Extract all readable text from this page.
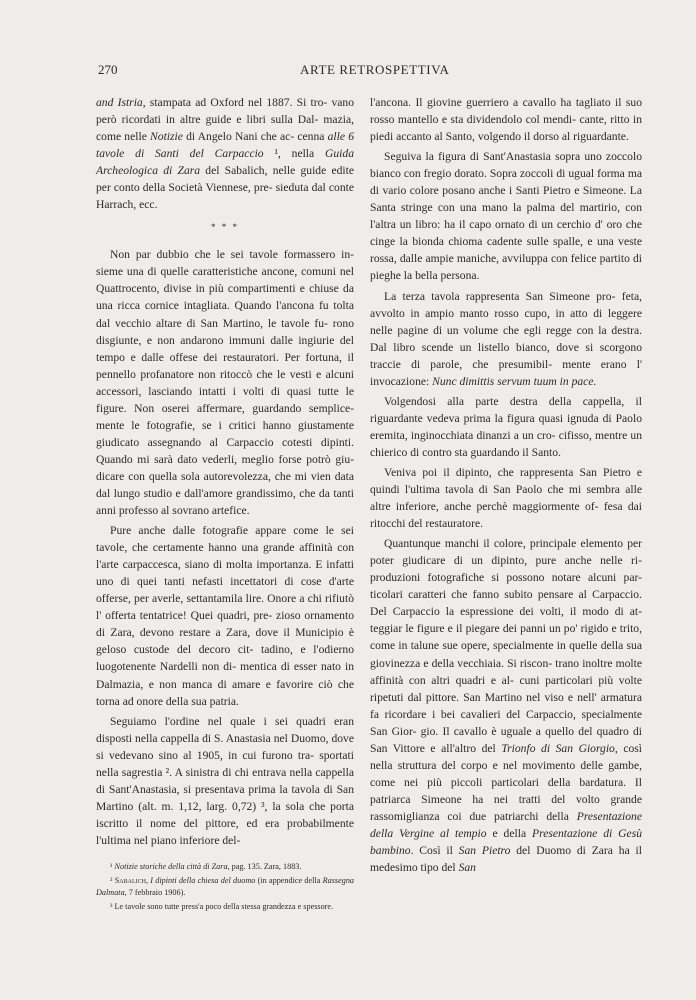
270	ARTE RETROSPETTIVA

and Istria, stampata ad Oxford nel 1887. Si tro- vano però ricordati in altre guide e libri sulla Dal- mazia, come nelle Notizie di Angelo Nani che ac- cenna alle 6 tavole di Santi del Carpaccio ¹, nella Guida Archeologica di Zara del Sabalich, nelle guide edite per conto della Società Viennese, pre- sieduta dal conte Harrach, ecc.

* * *

Non par dubbio che le sei tavole formassero in- sieme una di quelle caratteristiche ancone, comuni nel Quattrocento, divise in più compartimenti e chiuse da una ricca cornice intagliata. Quando l'ancona fu tolta dal vecchio altare di San Martino, le tavole fu- rono disgiunte, e non andarono immuni dalle ingiurie del tempo e dalle offese dei restauratori. Per fortuna, il pennello profanatore non ritoccò che le vesti e alcuni accessori, lasciando intatti i volti di quasi tutte le figure. Non oserei affermare, guardando semplice- mente le fotografie, se i critici hanno giustamente giudicato assegnando al Carpaccio cotesti dipinti. Quando mi sarà dato vederli, meglio forse potrò giu- dicare con quella sola autorevolezza, che mi vien data dal lungo studio e dall'amore grandissimo, che da tanti anni professo al sovrano artefice.

Pure anche dalle fotografie appare come le sei tavole, che certamente hanno una grande affinità con l'arte carpaccesca, siano di molta importanza. E infatti uno di quei tanti nefasti incettatori di cose d'arte offerse, per averle, settantamila lire. Onore a chi rifiutò l' offerta tentatrice! Quei quadri, pre- zioso ornamento di Zara, devono restare a Zara, dove il Municipio è geloso custode del decoro cit- tadino, e l'odierno luogotenente Nardelli non di- mentica di esser nato in Dalmazia, e non manca di amare e favorire ciò che torna ad onore della sua patria.

Seguiamo l'ordine nel quale i sei quadri eran disposti nella cappella di S. Anastasia nel Duomo, dove si vedevano sino al 1905, in cui furono tra- sportati nella sagrestia ². A sinistra di chi entrava nella cappella di Sant'Anastasia, si presentava prima la tavola di San Martino (alt. m. 1,12, larg. 0,72) ³, la sola che porta iscritto il nome del pittore, ed era probabilmente l'ultima nel piano inferiore del-

¹ Notizie storiche della città di Zara, pag. 135. Zara, 1883.

² Sabalich, I dipinti della chiesa del duomo (in appendice della Rassegna Dalmata, 7 febbraio 1906).

³ Le tavole sono tutte press'a poco della stessa grandezza e spessore.

l'ancona. Il giovine guerriero a cavallo ha tagliato il suo rosso mantello e sta dividendolo col mendi- cante, ritto in piedi accanto al Santo, volgendo il dorso al riguardante.

Seguiva la figura di Sant'Anastasia sopra uno zoccolo bianco con fregio dorato. Sopra zoccoli di ugual forma ma di vario colore posano anche i Santi Pietro e Simeone. La Santa stringe con una mano la palma del martirio, con l'altra un libro: ha il capo ornato di un cerchio d' oro che cinge la bionda chioma cadente sulle spalle, e una veste rossa, dalle ampie maniche, avviluppa con felice partito di pieghe la bella persona.

La terza tavola rappresenta San Simeone pro- feta, avvolto in ampio manto rosso cupo, in atto di leggere nelle pagine di un volume che egli regge con la destra. Dal libro scende un listello bianco, dove si scorgono traccie di parole, che presumibil- mente erano l' invocazione: Nunc dimittis servum tuum in pace.

Volgendosi alla parte destra della cappella, il riguardante vedeva prima la figura quasi ignuda di Paolo eremita, inginocchiata dinanzi a un cro- cifisso, mentre un chierico di contro sta guardando il Santo.

Veniva poi il dipinto, che rappresenta San Pietro e quindi l'ultima tavola di San Paolo che mi sembra alle altre inferiore, anche perchè maggiormente of- fesa dai ritocchi del restauratore.

Quantunque manchi il colore, principale elemento per poter giudicare di un dipinto, pure anche nelle ri- produzioni fotografiche si possono notare alcuni par- ticolari caratteri che fanno subito pensare al Carpaccio. Del Carpaccio la espressione dei volti, il modo di at- teggiar le figure e il piegare dei panni un po' rigido e trito, come in talune sue opere, specialmente in quelle della sua giovinezza e della vecchiaia. Si riscon- trano inoltre molte affinità con altri quadri e al- cuni particolari più volte ripetuti dal pittore. San Martino nel viso e nell' armatura fa ricordare i bei cavalieri del Carpaccio, specialmente San Gior- gio. Il cavallo è uguale a quello del quadro di San Vittore e all'altro del Trionfo di San Giorgio, così nella struttura del corpo e nel movimento delle gambe, come nei più piccoli particolari della bardatura. Il patriarca Simeone ha nei tratti del volto grande rassomiglianza coi due patriarchi della Presentazione della Vergine al tempio e della Presentazione di Gesù bambino. Così il San Pietro del Duomo di Zara ha il medesimo tipo del San
